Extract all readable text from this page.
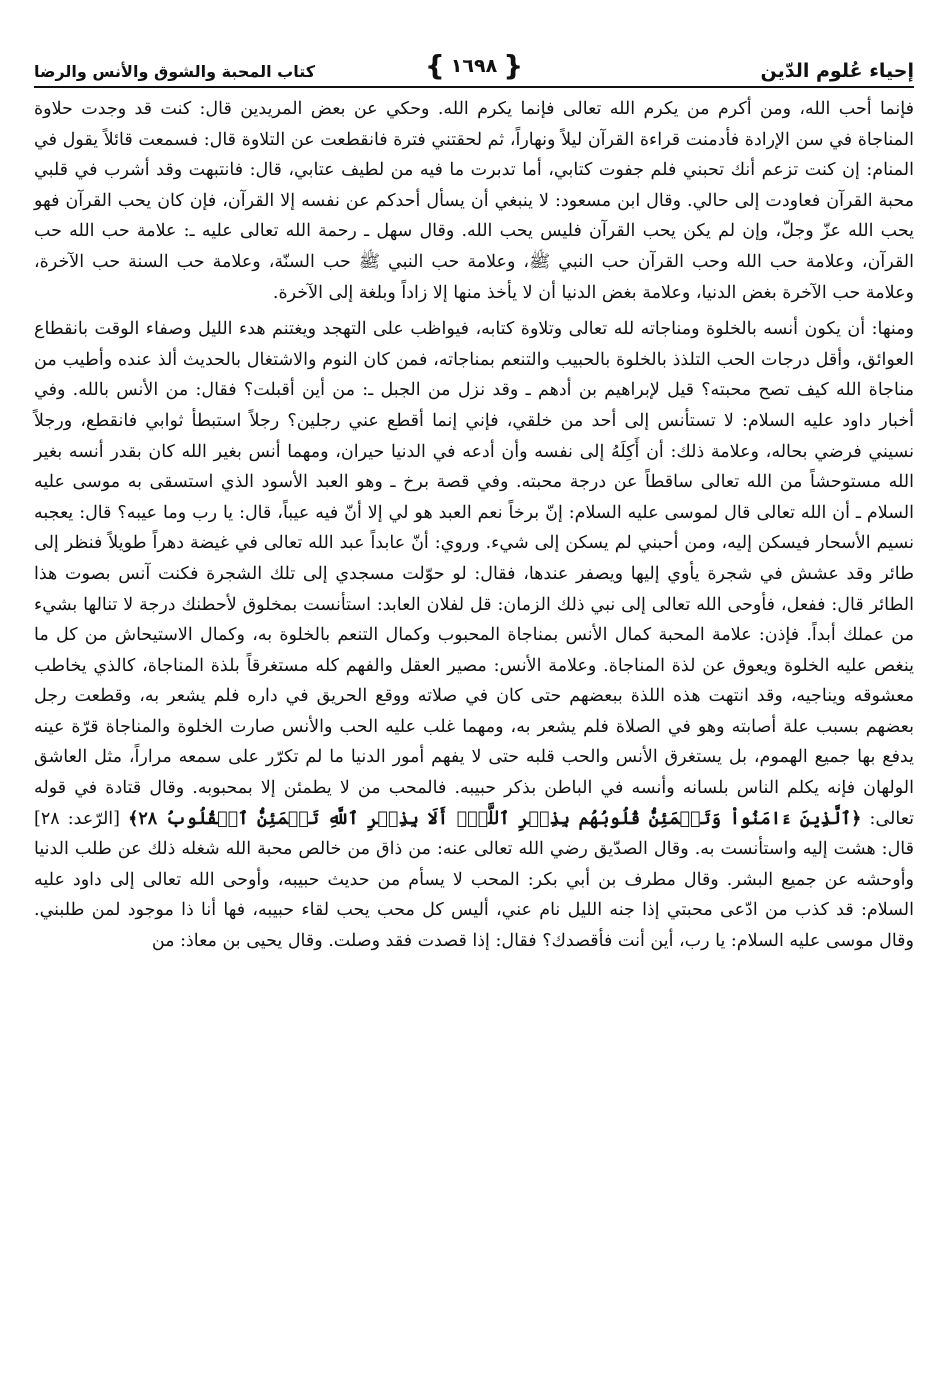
إحياء عُلوم الدّين
{ ١٦٩٨ }
كتاب المحبة والشوق والأنس والرضا

فإنما أحب الله، ومن أكرم من يكرم الله تعالى فإنما يكرم الله. وحكي عن بعض المريدين قال: كنت قد وجدت حلاوة المناجاة في سن الإرادة فأدمنت قراءة القرآن ليلاً ونهاراً، ثم لحقتني فترة فانقطعت عن التلاوة قال: فسمعت قائلاً يقول في المنام: إن كنت تزعم أنك تحبني فلم جفوت كتابي، أما تدبرت ما فيه من لطيف عتابي، قال: فانتبهت وقد أشرب في قلبي محبة القرآن فعاودت إلى حالي. وقال ابن مسعود: لا ينبغي أن يسأل أحدكم عن نفسه إلا القرآن، فإن كان يحب القرآن فهو يحب الله عزّ وجلّ، وإن لم يكن يحب القرآن فليس يحب الله. وقال سهل ـ رحمة الله تعالى عليه ـ: علامة حب الله حب القرآن، وعلامة حب الله وحب القرآن حب النبي ﷺ، وعلامة حب النبي ﷺ حب السنّة، وعلامة حب السنة حب الآخرة، وعلامة حب الآخرة بغض الدنيا، وعلامة بغض الدنيا أن لا يأخذ منها إلا زاداً وبلغة إلى الآخرة.

ومنها: أن يكون أنسه بالخلوة ومناجاته لله تعالى وتلاوة كتابه، فيواظب على التهجد ويغتنم هدء الليل وصفاء الوقت بانقطاع العوائق، وأقل درجات الحب التلذذ بالخلوة بالحبيب والتنعم بمناجاته، فمن كان النوم والاشتغال بالحديث ألذ عنده وأطيب من مناجاة الله كيف تصح محبته؟ قيل لإبراهيم بن أدهم ـ وقد نزل من الجبل ـ: من أين أقبلت؟ فقال: من الأنس بالله. وفي أخبار داود عليه السلام: لا تستأنس إلى أحد من خلقي، فإني إنما أقطع عني رجلين؟ رجلاً استبطأ ثوابي فانقطع، ورجلاً نسيني فرضي بحاله، وعلامة ذلك: أن أَكِلَهُ إلى نفسه وأن أدعه في الدنيا حيران، ومهما أنس بغير الله كان بقدر أنسه بغير الله مستوحشاً من الله تعالى ساقطاً عن درجة محبته. وفي قصة برخ ـ وهو العبد الأسود الذي استسقى به موسى عليه السلام ـ أن الله تعالى قال لموسى عليه السلام: إنّ برخاً نعم العبد هو لي إلا أنّ فيه عيباً، قال: يا رب وما عيبه؟ قال: يعجبه نسيم الأسحار فيسكن إليه، ومن أحبني لم يسكن إلى شيء. وروي: أنّ عابداً عبد الله تعالى في غيضة دهراً طويلاً فنظر إلى طائر وقد عشش في شجرة يأوي إليها ويصفر عندها، فقال: لو حوّلت مسجدي إلى تلك الشجرة فكنت آنس بصوت هذا الطائر قال: ففعل، فأوحى الله تعالى إلى نبي ذلك الزمان: قل لفلان العابد: استأنست بمخلوق لأحطنك درجة لا تنالها بشيء من عملك أبداً. فإذن: علامة المحبة كمال الأنس بمناجاة المحبوب وكمال التنعم بالخلوة به، وكمال الاستيحاش من كل ما ينغص عليه الخلوة ويعوق عن لذة المناجاة. وعلامة الأنس: مصير العقل والفهم كله مستغرقاً بلذة المناجاة، كالذي يخاطب معشوقه ويناجيه، وقد انتهت هذه اللذة ببعضهم حتى كان في صلاته ووقع الحريق في داره فلم يشعر به، وقطعت رجل بعضهم بسبب علة أصابته وهو في الصلاة فلم يشعر به، ومهما غلب عليه الحب والأنس صارت الخلوة والمناجاة قرّة عينه يدفع بها جميع الهموم، بل يستغرق الأنس والحب قلبه حتى لا يفهم أمور الدنيا ما لم تكرّر على سمعه مراراً، مثل العاشق الولهان فإنه يكلم الناس بلسانه وأنسه في الباطن بذكر حبيبه. فالمحب من لا يطمئن إلا بمحبوبه. وقال قتادة في قوله تعالى: ﴿ٱلَّذِينَ ءَامَنُواْ وَتَطۡمَئِنُّ قُلُوبُهُم بِذِكۡرِ ٱللَّهِۗ أَلَا بِذِكۡرِ ٱللَّهِ تَطۡمَئِنُّ ٱلۡقُلُوبُ ٢٨﴾ [الرّعد: ٢٨] قال: هشت إليه واستأنست به. وقال الصدّيق رضي الله تعالى عنه: من ذاق من خالص محبة الله شغله ذلك عن طلب الدنيا وأوحشه عن جميع البشر. وقال مطرف بن أبي بكر: المحب لا يسأم من حديث حبيبه، وأوحى الله تعالى إلى داود عليه السلام: قد كذب من ادّعى محبتي إذا جنه الليل نام عني، أليس كل محب يحب لقاء حبيبه، فها أنا ذا موجود لمن طلبني. وقال موسى عليه السلام: يا رب، أين أنت فأقصدك؟ فقال: إذا قصدت فقد وصلت. وقال يحيى بن معاذ: من
